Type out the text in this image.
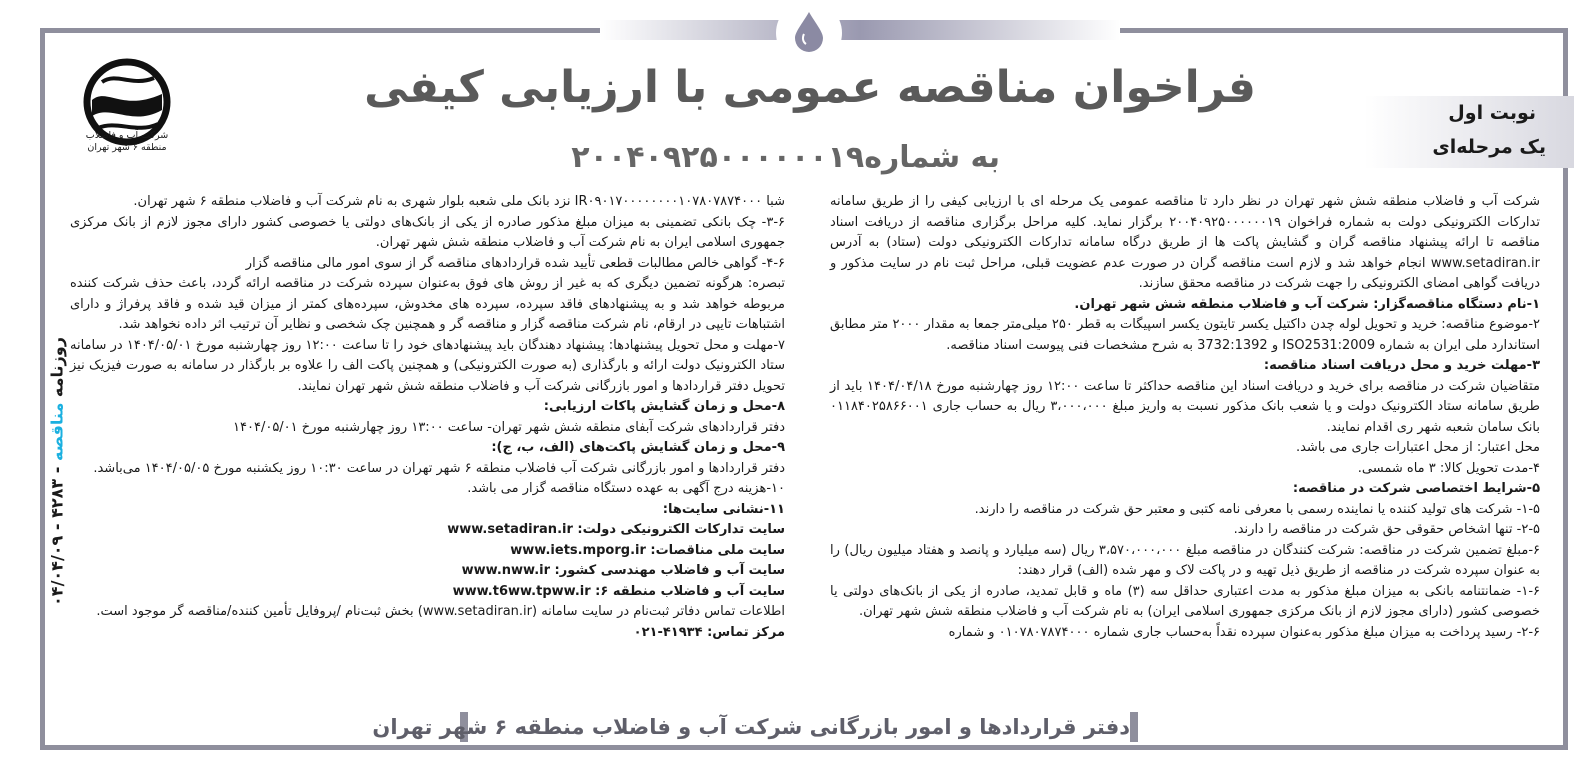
شرکت آب و فاضلاب
منطقه ۶ شهر تهران
فراخوان مناقصه عمومی با ارزیابی کیفی
به شماره۲۰۰۴۰۹۲۵۰۰۰۰۰۰۱۹
نوبت اول
یک مرحله‌ای

شرکت آب و فاضلاب منطقه شش شهر تهران در نظر دارد تا مناقصه عمومی یک مرحله ای با ارزیابی کیفی را از طریق سامانه تدارکات الکترونیکی دولت به شماره فراخوان ۲۰۰۴۰۹۲۵۰۰۰۰۰۰۱۹ برگزار نماید. کلیه مراحل برگزاری مناقصه از دریافت اسناد مناقصه تا ارائه پیشنهاد مناقصه گران و گشایش پاکت ها از طریق درگاه سامانه تدارکات الکترونیکی دولت (ستاد) به آدرس www.setadiran.ir انجام خواهد شد و لازم است مناقصه گران در صورت عدم عضویت قبلی، مراحل ثبت نام در سایت مذکور و دریافت گواهی امضای الکترونیکی را جهت شرکت در مناقصه محقق سازند.

۱-نام دستگاه مناقصه‌گزار: شرکت آب و فاضلاب منطقه شش شهر تهران.

۲-موضوع مناقصه: خرید و تحویل لوله چدن داکتیل یکسر تایتون یکسر اسپیگات به قطر ۲۵۰ میلی‌متر جمعا به مقدار ۲۰۰۰ متر مطابق استاندارد ملی ایران به شماره ISO2531:2009 و 3732:1392 به شرح مشخصات فنی پیوست اسناد مناقصه.

۳-مهلت خرید و محل دریافت اسناد مناقصه:

متقاضیان شرکت در مناقصه برای خرید و دریافت اسناد این مناقصه حداکثر تا ساعت ۱۲:۰۰ روز چهارشنبه مورخ ۱۴۰۴/۰۴/۱۸ باید از طریق سامانه ستاد الکترونیک دولت و یا شعب بانک مذکور نسبت به واریز مبلغ ۳،۰۰۰،۰۰۰ ریال به حساب جاری ۰۱۱۸۴۰۲۵۸۶۶۰۰۱ بانک سامان شعبه شهر ری اقدام نمایند.

محل اعتبار: از محل اعتبارات جاری می باشد.

۴-مدت تحویل کالا: ۳ ماه شمسی.

۵-شرایط اختصاصی شرکت در مناقصه:

۱-۵- شرکت های تولید کننده یا نماینده رسمی با معرفی نامه کتبی و معتبر حق شرکت در مناقصه را دارند.

۲-۵- تنها اشخاص حقوقی حق شرکت در مناقصه را دارند.

۶-مبلغ تضمین شرکت در مناقصه: شرکت کنندگان در مناقصه مبلغ ۳،۵۷۰،۰۰۰،۰۰۰ ریال (سه میلیارد و پانصد و هفتاد میلیون ریال) را به عنوان سپرده شرکت در مناقصه از طریق ذیل تهیه و در پاکت لاک و مهر شده (الف) قرار دهند:

۱-۶- ضمانتنامه بانکی به میزان مبلغ مذکور به مدت اعتباری حداقل سه (۳) ماه و قابل تمدید، صادره از یکی از بانک‌های دولتی یا خصوصی کشور (دارای مجوز لازم از بانک مرکزی جمهوری اسلامی ایران) به نام شرکت آب و فاضلاب منطقه شش شهر تهران.

۲-۶- رسید پرداخت به میزان مبلغ مذکور به‌عنوان سپرده نقداً به‌حساب جاری شماره ۰۱۰۷۸۰۷۸۷۴۰۰۰ و شماره

شبا IR۰۹۰۱۷۰۰۰۰۰۰۰۰۱۰۷۸۰۷۸۷۴۰۰۰ نزد بانک ملی شعبه بلوار شهری به نام شرکت آب و فاضلاب منطقه ۶ شهر تهران.

۳-۶- چک بانکی تضمینی به میزان مبلغ مذکور صادره از یکی از بانک‌های دولتی یا خصوصی کشور دارای مجوز لازم از بانک مرکزی جمهوری اسلامی ایران به نام شرکت آب و فاضلاب منطقه شش شهر تهران.

۴-۶- گواهی خالص مطالبات قطعی تأیید شده قراردادهای مناقصه گر از سوی امور مالی مناقصه گزار

تبصره: هرگونه تضمین دیگری که به غیر از روش های فوق به‌عنوان سپرده شرکت در مناقصه ارائه گردد، باعث حذف شرکت کننده مربوطه خواهد شد و به پیشنهادهای فاقد سپرده، سپرده های مخدوش، سپرده‌های کمتر از میزان قید شده و فاقد پرفراژ و دارای اشتباهات تایپی در ارقام، نام شرکت مناقصه گزار و مناقصه گر و همچنین چک شخصی و نظایر آن ترتیب اثر داده نخواهد شد.

۷-مهلت و محل تحویل پیشنهادها: پیشنهاد دهندگان باید پیشنهادهای خود را تا ساعت ۱۲:۰۰ روز چهارشنبه مورخ ۱۴۰۴/۰۵/۰۱ در سامانه ستاد الکترونیک دولت ارائه و بارگذاری (به صورت الکترونیکی) و همچنین پاکت الف را علاوه بر بارگذار در سامانه به صورت فیزیک نیز تحویل دفتر قراردادها و امور بازرگانی شرکت آب و فاضلاب منطقه شش شهر تهران نمایند.

۸-محل و زمان گشایش پاکات ارزیابی:

دفتر قراردادهای شرکت آبفای منطقه شش شهر تهران- ساعت ۱۳:۰۰ روز چهارشنبه مورخ ۱۴۰۴/۰۵/۰۱

۹-محل و زمان گشایش پاکت‌های (الف، ب، ج):

دفتر قراردادها و امور بازرگانی شرکت آب فاضلاب منطقه ۶ شهر تهران در ساعت ۱۰:۳۰ روز یکشنبه مورخ ۱۴۰۴/۰۵/۰۵ می‌باشد.

۱۰-هزینه درج آگهی به عهده دستگاه مناقصه گزار می باشد.

۱۱-نشانی سایت‌ها:

سایت تدارکات الکترونیکی دولت: www.setadiran.ir

سایت ملی مناقصات: www.iets.mporg.ir

سایت آب و فاضلاب مهندسی کشور: www.nww.ir

سایت آب و فاضلاب منطقه ۶: www.t6ww.tpww.ir

اطلاعات تماس دفاتر ثبت‌نام در سایت سامانه (www.setadiran.ir) بخش ثبت‌نام /پروفایل تأمین کننده/مناقصه گر موجود است.

مرکز تماس: ۴۱۹۳۴-۰۲۱

روزنامه مناقصه - ۴۲۸۳ - ۰۴/۰۴/۰۹
دفتر قراردادها و امور بازرگانی شرکت آب و فاضلاب منطقه ۶ شهر تهران
